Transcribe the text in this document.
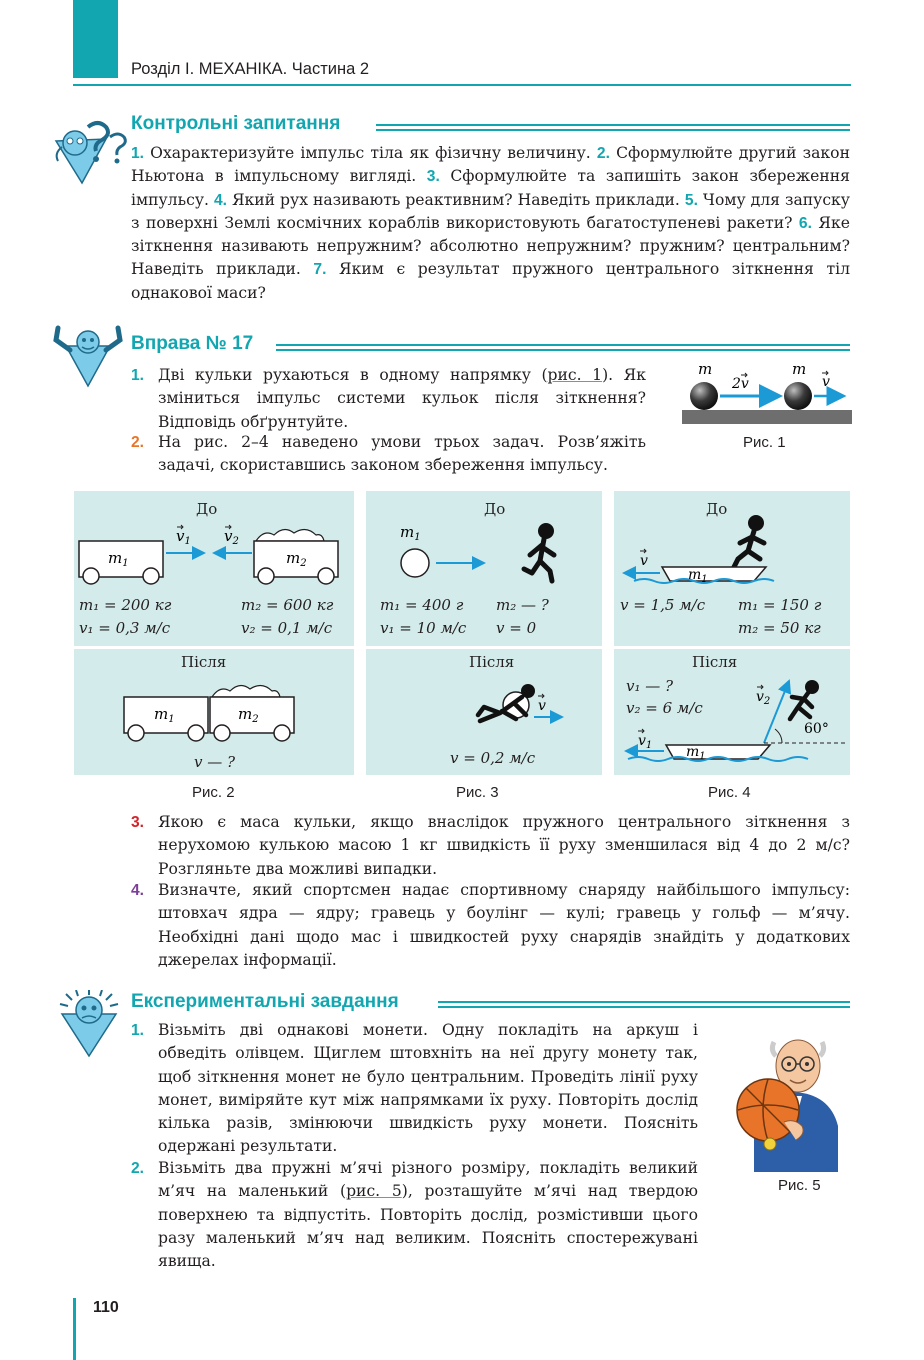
Розділ I. МЕХАНІКА. Частина 2
Контрольні запитання
1. Охарактеризуйте імпульс тіла як фізичну величину. 2. Сформулюйте другий закон Ньютона в імпульсному вигляді. 3. Сформулюйте та запишіть закон збереження імпульсу. 4. Який рух називають реактивним? Наведіть приклади. 5. Чому для запуску з поверхні Землі космічних кораблів використовують багатоступеневі ракети? 6. Яке зіткнення називають непружним? абсолютно непружним? пружним? центральним? Наведіть приклади. 7. Яким є результат пружного центрального зіткнення тіл однакової маси?
Вправа № 17
1. Дві кульки рухаються в одному напрямку (рис. 1). Як зміниться імпульс системи кульок після зіткнення? Відповідь обґрунтуйте.
2. На рис. 2–4 наведено умови трьох задач. Розв’яжіть задачі, скориставшись законом збереження імпульсу.
m	m
2v	v
Рис. 1
До
$m_1$	$m_2$
$v_1$ $v_2$
m₁ = 200 кг	m₂ = 600 кг
v₁ = 0,3 м/с	v₂ = 0,1 м/с
Після
$m_1$	$m_2$
v — ?
Рис. 2
До
$m_1$
m₁ = 400 г m₂ — ?
v₁ = 10 м/с v = 0
Після
v
v = 0,2 м/с
Рис. 3
До
v
$m_1$
v = 1,5 м/с m₁ = 150 г
m₂ = 50 кг
Після
v₁ — ?
v₂ = 6 м/с
$v_2$
60°
$v_1$ $m_1$
Рис. 4
3. Якою є маса кульки, якщо внаслідок пружного центрального зіткнення з нерухомою кулькою масою 1 кг швидкість її руху зменшилася від 4 до 2 м/с? Розгляньте два можливі випадки.
4. Визначте, який спортсмен надає спортивному снаряду найбільшого імпульсу: штовхач ядра — ядру; гравець у боулінг — кулі; гравець у гольф — м’ячу. Необхідні дані щодо мас і швидкостей руху снарядів знайдіть у додаткових джерелах інформації.
Експериментальні завдання
1. Візьміть дві однакові монети. Одну покладіть на аркуш і обведіть олівцем. Щиглем штовхніть на неї другу монету так, щоб зіткнення монет не було центральним. Проведіть лінії руху монет, виміряйте кут між напрямками їх руху. Повторіть дослід кілька разів, змінюючи швидкість руху монети. Поясніть одержані результати.
2. Візьміть два пружні м’ячі різного розміру, покладіть великий м’яч на маленький (рис. 5), розташуйте м’ячі над твердою поверхнею та відпустіть. Повторіть дослід, розмістивши цього разу маленький м’яч над великим. Поясніть спостережувані явища.
Рис. 5
110
